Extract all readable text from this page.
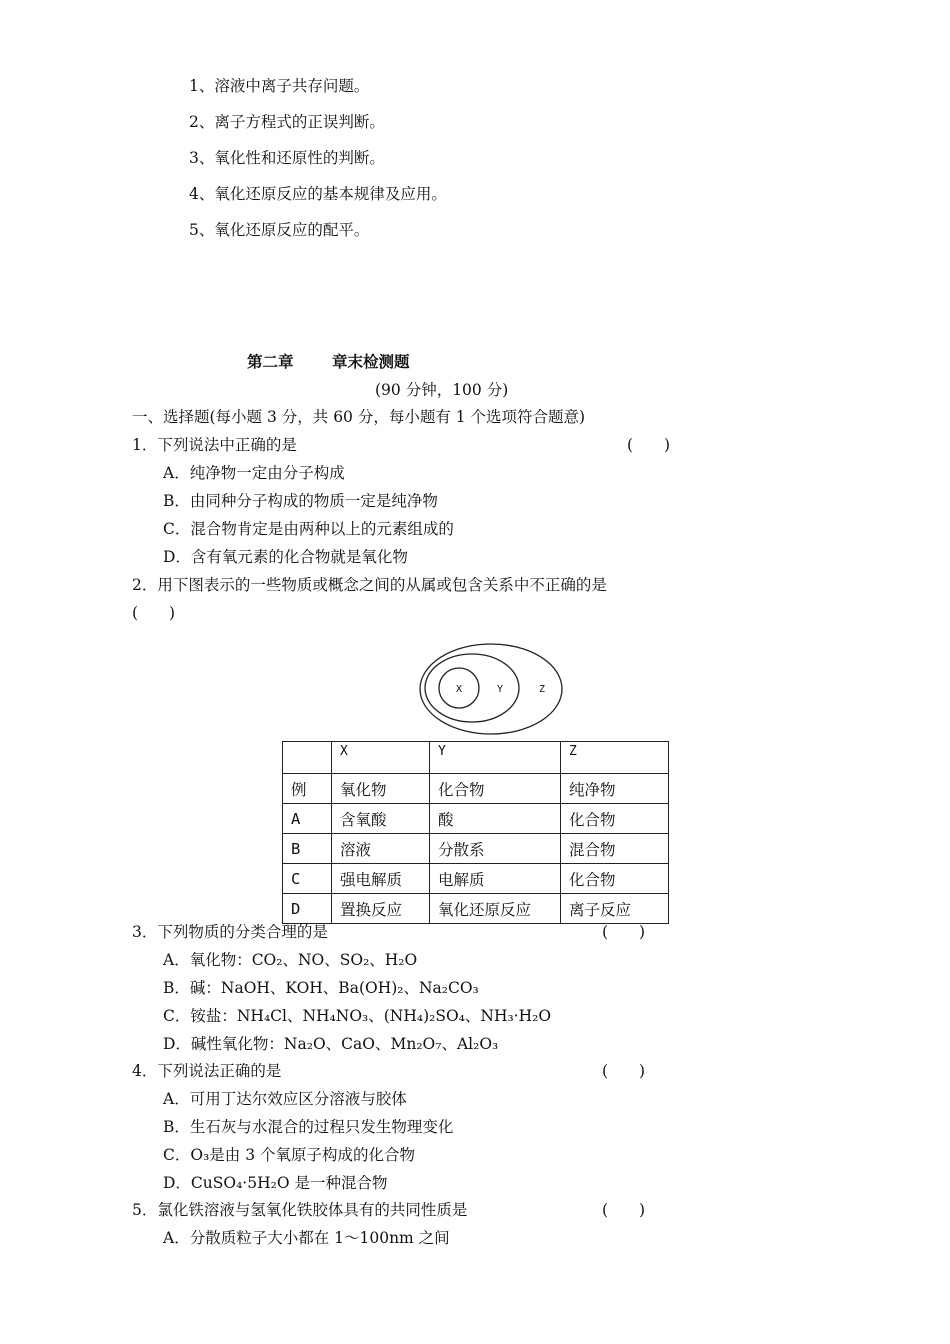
1、溶液中离子共存问题。
2、离子方程式的正误判断。
3、氧化性和还原性的判断。
4、氧化还原反应的基本规律及应用。
5、氧化还原反应的配平。
第二章 章末检测题
(90 分钟，100 分)
一、选择题(每小题 3 分，共 60 分，每小题有 1 个选项符合题意)
1．下列说法中正确的是	(　　)
A．纯净物一定由分子构成
B．由同种分子构成的物质一定是纯净物
C．混合物肯定是由两种以上的元素组成的
D．含有氧元素的化合物就是氧化物
2．用下图表示的一些物质或概念之间的从属或包含关系中不正确的是
(　　)
X	Y	Z
	X	Y	Z
例	氧化物	化合物	纯净物
A	含氧酸	酸	化合物
B	溶液	分散系	混合物
C	强电解质	电解质	化合物
D	置换反应	氧化还原反应	离子反应
3．下列物质的分类合理的是	(　　)
A．氧化物：CO₂、NO、SO₂、H₂O
B．碱：NaOH、KOH、Ba(OH)₂、Na₂CO₃
C．铵盐：NH₄Cl、NH₄NO₃、(NH₄)₂SO₄、NH₃·H₂O
D．碱性氧化物：Na₂O、CaO、Mn₂O₇、Al₂O₃
4．下列说法正确的是	(　　)
A．可用丁达尔效应区分溶液与胶体
B．生石灰与水混合的过程只发生物理变化
C．O₃是由 3 个氧原子构成的化合物
D．CuSO₄·5H₂O 是一种混合物
5．氯化铁溶液与氢氧化铁胶体具有的共同性质是	(　　)
A．分散质粒子大小都在 1～100nm 之间
